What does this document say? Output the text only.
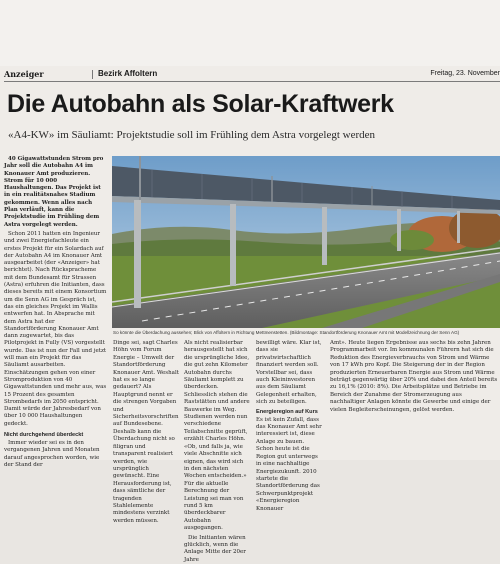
Anzeiger	Bezirk Affoltern	Freitag, 23. November
Die Autobahn als Solar-Kraftwerk
«A4-KW» im Säuliamt: Projektstudie soll im Frühling dem Astra vorgelegt werden

40 Gigawattstunden Strom pro Jahr soll die Autobahn A4 im Knonauer Amt produzieren. Strom für 10 000 Haushaltungen. Das Projekt ist in ein realitätsnahes Stadium gekommen. Wenn alles nach Plan verläuft, kann die Projektstudie im Frühling dem Astra vorgelegt werden.

Schon 2011 hatten ein Ingenieur und zwei Energiefachleute ein erstes Projekt für ein Solardach auf der Autobahn A4 im Knonauer Amt ausgearbeitet (der «Anzeiger» hat berichtet). Nach Rückspracheme mit dem Bundesamt für Strassen (Astra) erfuhren die Initianten, dass dieses bereits mit einem Konsortium um die Senn AG im Gespräch ist, das ein gleiches Projekt im Wallis entwerfen hat. In Absprache mit dem Astra hat der Standortförderung Knonauer Amt dann zugewartet, bis das Pilotprojekt in Fully (VS) vorgestellt wurde. Das ist nun der Fall und jetzt will man ein Projekt für das Säuliamt ausarbeiten. Einschätzungen gehen von einer Stromproduktion von 40 Gigawattstunden und mehr aus, was 15 Prozent des gesamten Strombedarfs im 2050 entspricht. Damit würde der Jahresbedarf von über 10 000 Haushaltungen gedeckt.

Nicht durchgehend überdeckt

Immer wieder sei es in den vergangenen Jahren und Monaten darauf angesprochen worden, wie der Stand der

So könnte die Überdachung aussehen; Blick von Affoltern in Richtung Mettmenstetten. (Bildmontage: Standortförderung Knonauer Amt mit Modellzeichnung der Senn AG)
Dinge sei, sagt Charles Höhn vom Forum Energie – Umwelt der Standortförderung Knonauer Amt. Weshalt hat es so lange gedauert? Als Hauptgrund nennt er die strengen Vorgaben und Sicherheitsvorschriften auf Bundesebene. Deshalb kann die Überdachung nicht so filigran und transparent realisiert werden, wie ursprünglich gewünscht. Eine Herausforderung ist, dass sämtliche der tragenden Stahlelemente mindestens verzinkt werden müssen.
Als nicht realisierbar herausgestellt hat sich die ursprüngliche Idee, die gut zehn Kilometer Autobahn durchs Säuliamt komplett zu überdecken. Schliesslich stehen die Raststätten und andere Bauwerke im Weg. Studienen werden nun verschiedene Teilabschnitte geprüft, erzählt Charles Höhn. «Ob, und falls ja, wie viele Abschnitte sich eignen, das wird sich in den nächsten Wochen entscheiden.» Für die aktuelle Berechnung der Leistung sei man von rund 5 km überdeckbarer Autobahn ausgegangen.
Die Initianten wären glücklich, wenn die Anlage Mitte der 20er Jahre
bewilligt wäre. Klar ist, dass sie privatwirtschaftlich finanziert werden soll. Vorstellbar sei, dass auch Kleininvestoren aus dem Säuliamt Gelegenheit erhalten, sich zu beteiligen.
Energieregion auf Kurs
Es ist kein Zufall, dass das Knonauer Amt sehr interessiert ist, diese Anlage zu bauen. Schon heute ist die Region gut unterwegs in eine nachhaltige Energiezukunft. 2010 startete die Standortförderung das Schwerpunktprojekt «Energieregion Knonauer
Amt». Heute liegen Ergebnisse aus sechs bis zehn Jahren Programmarbeit vor. Im kommunalen Führern hat sich die Reduktion des Energieverbrauchs von Strom und Wärme von 17 kWh pro Kopf. Die Steigerung der in der Region produzierten Erneuerbaren Energie aus Strom und Wärme beträgt gegenwärtig über 20% und dabei den Anteil bereits zu 16,1% (2010: 8%). Die Arbeitsplätze und Betriebe im Bereich der Zunahme der Stromerzeugung aus nachhaltiger Anlagen könnte die Gewerbe und einige der vielen Begleiterscheinungen, gelöst werden.
